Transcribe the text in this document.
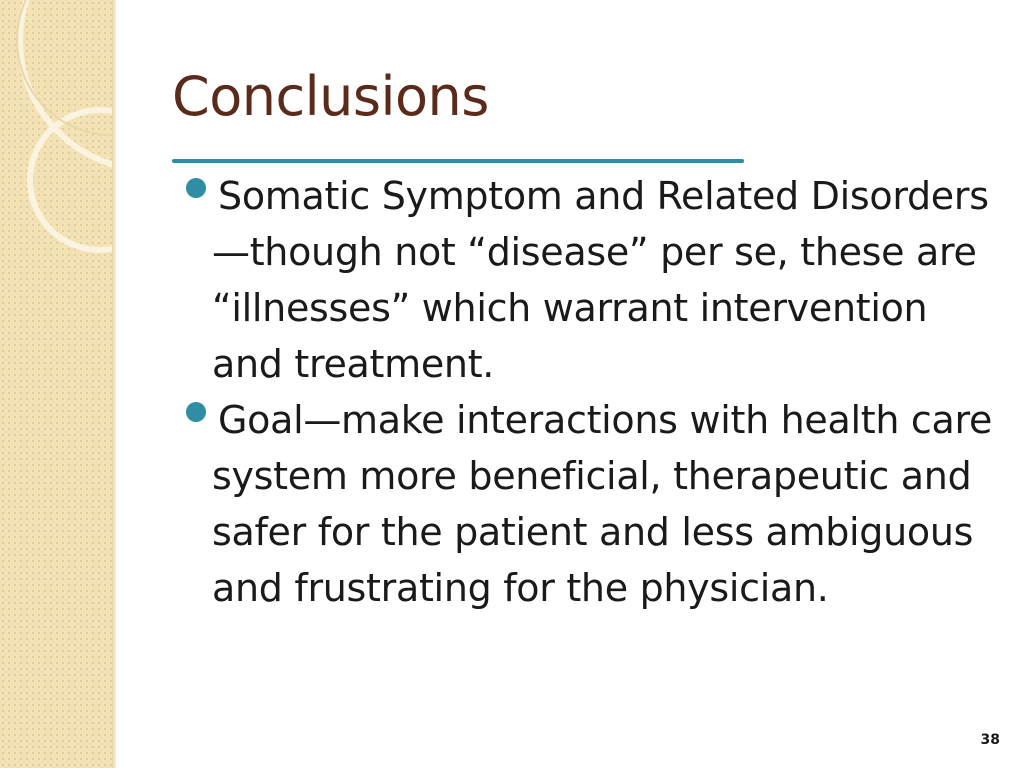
Conclusions
Somatic Symptom and Related Disorders—though not “disease” per se, these are “illnesses” which warrant intervention and treatment.
Goal—make interactions with health care system more beneficial, therapeutic and safer for the patient and less ambiguous and frustrating for the physician.
38
